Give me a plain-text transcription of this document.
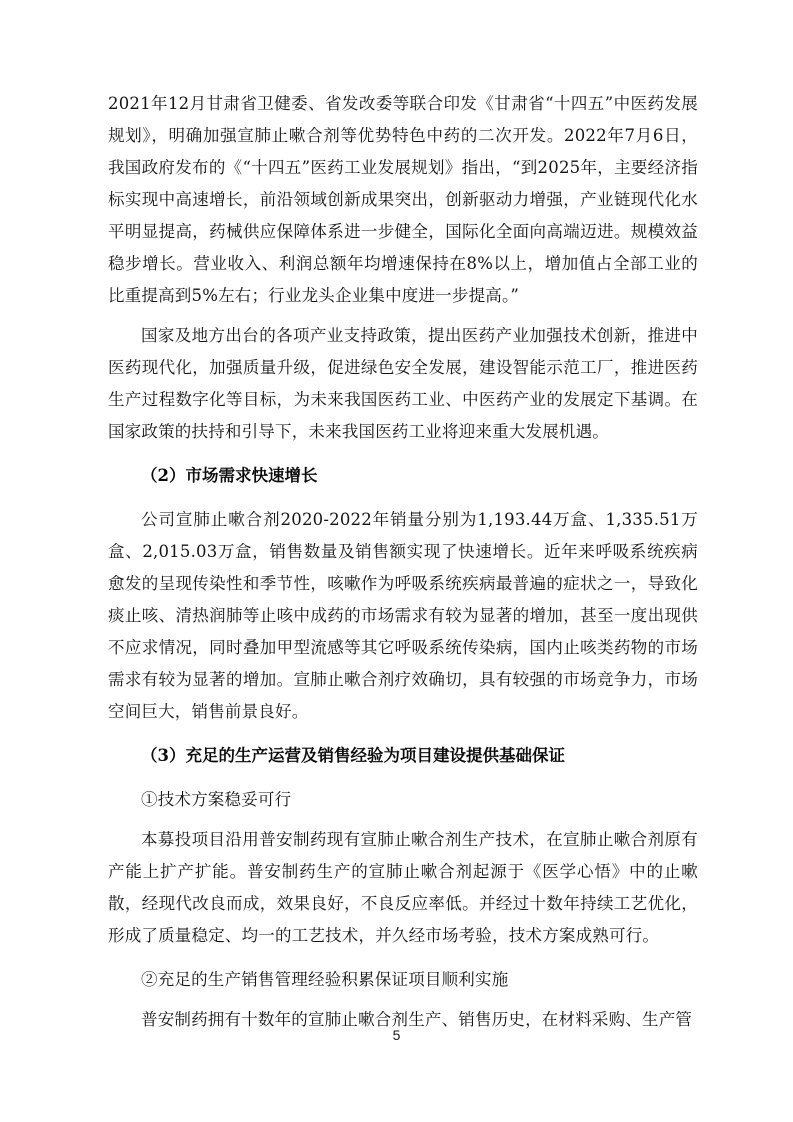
2021年12月甘肃省卫健委、省发改委等联合印发《甘肃省“十四五”中医药发展规划》，明确加强宣肺止嗽合剂等优势特色中药的二次开发。2022年7月6日，我国政府发布的《“十四五”医药工业发展规划》指出，“到2025年，主要经济指标实现中高速增长，前沿领域创新成果突出，创新驱动力增强，产业链现代化水平明显提高，药械供应保障体系进一步健全，国际化全面向高端迈进。规模效益稳步增长。营业收入、利润总额年均增速保持在8%以上，增加值占全部工业的比重提高到5%左右；行业龙头企业集中度进一步提高。”

国家及地方出台的各项产业支持政策，提出医药产业加强技术创新，推进中医药现代化，加强质量升级，促进绿色安全发展，建设智能示范工厂，推进医药生产过程数字化等目标，为未来我国医药工业、中医药产业的发展定下基调。在国家政策的扶持和引导下，未来我国医药工业将迎来重大发展机遇。

（2）市场需求快速增长

公司宣肺止嗽合剂2020-2022年销量分别为1,193.44万盒、1,335.51万盒、2,015.03万盒，销售数量及销售额实现了快速增长。近年来呼吸系统疾病愈发的呈现传染性和季节性，咳嗽作为呼吸系统疾病最普遍的症状之一，导致化痰止咳、清热润肺等止咳中成药的市场需求有较为显著的增加，甚至一度出现供不应求情况，同时叠加甲型流感等其它呼吸系统传染病，国内止咳类药物的市场需求有较为显著的增加。宣肺止嗽合剂疗效确切，具有较强的市场竞争力，市场空间巨大，销售前景良好。

（3）充足的生产运营及销售经验为项目建设提供基础保证

①技术方案稳妥可行

本募投项目沿用普安制药现有宣肺止嗽合剂生产技术，在宣肺止嗽合剂原有产能上扩产扩能。普安制药生产的宣肺止嗽合剂起源于《医学心悟》中的止嗽散，经现代改良而成，效果良好，不良反应率低。并经过十数年持续工艺优化，形成了质量稳定、均一的工艺技术，并久经市场考验，技术方案成熟可行。

②充足的生产销售管理经验积累保证项目顺利实施

普安制药拥有十数年的宣肺止嗽合剂生产、销售历史，在材料采购、生产管

5
